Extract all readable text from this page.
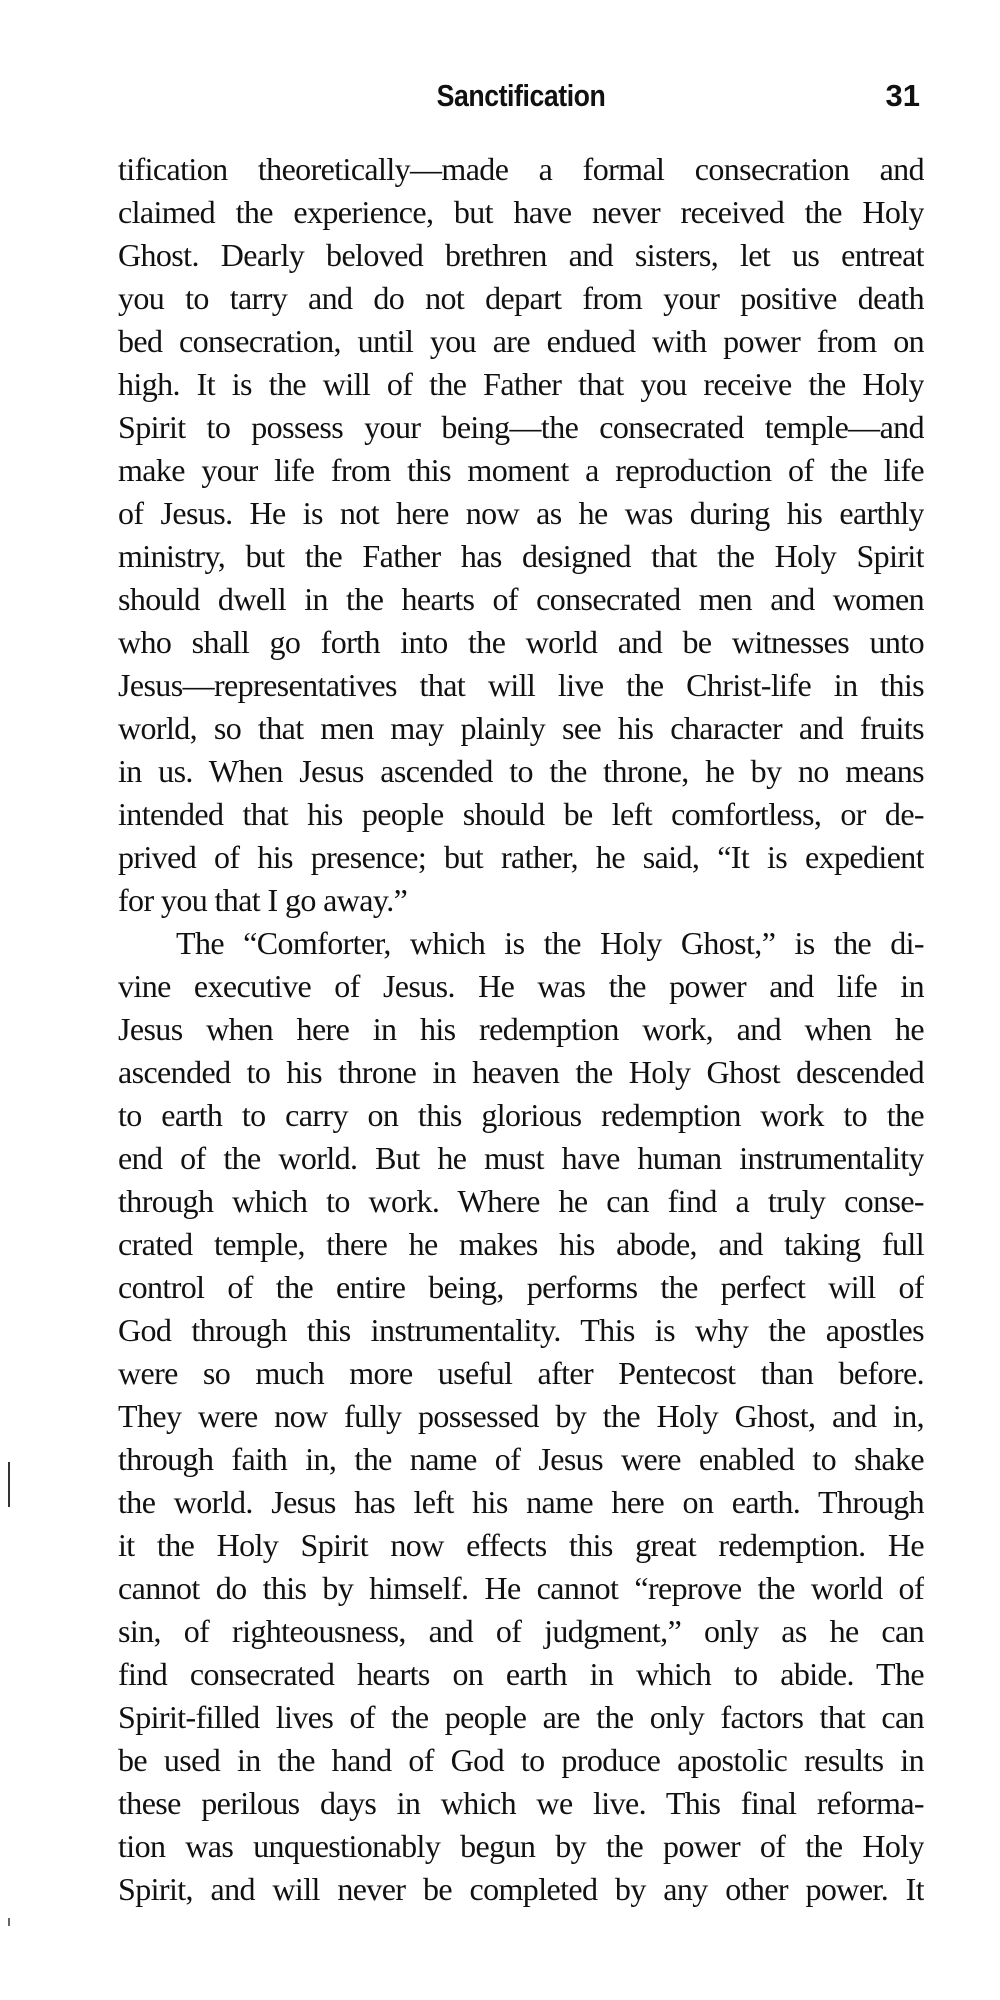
Sanctification	31
tification theoretically—made a formal consecration and
claimed the experience, but have never received the Holy
Ghost. Dearly beloved brethren and sisters, let us entreat
you to tarry and do not depart from your positive death
bed consecration, until you are endued with power from on
high. It is the will of the Father that you receive the Holy
Spirit to possess your being—the consecrated temple—and
make your life from this moment a reproduction of the life
of Jesus. He is not here now as he was during his earthly
ministry, but the Father has designed that the Holy Spirit
should dwell in the hearts of consecrated men and women
who shall go forth into the world and be witnesses unto
Jesus—representatives that will live the Christ-life in this
world, so that men may plainly see his character and fruits
in us. When Jesus ascended to the throne, he by no means
intended that his people should be left comfortless, or de-
prived of his presence; but rather, he said, “It is expedient
for you that I go away.”
The “Comforter, which is the Holy Ghost,” is the di-
vine executive of Jesus. He was the power and life in
Jesus when here in his redemption work, and when he
ascended to his throne in heaven the Holy Ghost descended
to earth to carry on this glorious redemption work to the
end of the world. But he must have human instrumentality
through which to work. Where he can find a truly conse-
crated temple, there he makes his abode, and taking full
control of the entire being, performs the perfect will of
God through this instrumentality. This is why the apostles
were so much more useful after Pentecost than before.
They were now fully possessed by the Holy Ghost, and in,
through faith in, the name of Jesus were enabled to shake
the world. Jesus has left his name here on earth. Through
it the Holy Spirit now effects this great redemption. He
cannot do this by himself. He cannot “reprove the world of
sin, of righteousness, and of judgment,” only as he can
find consecrated hearts on earth in which to abide. The
Spirit-filled lives of the people are the only factors that can
be used in the hand of God to produce apostolic results in
these perilous days in which we live. This final reforma-
tion was unquestionably begun by the power of the Holy
Spirit, and will never be completed by any other power. It
